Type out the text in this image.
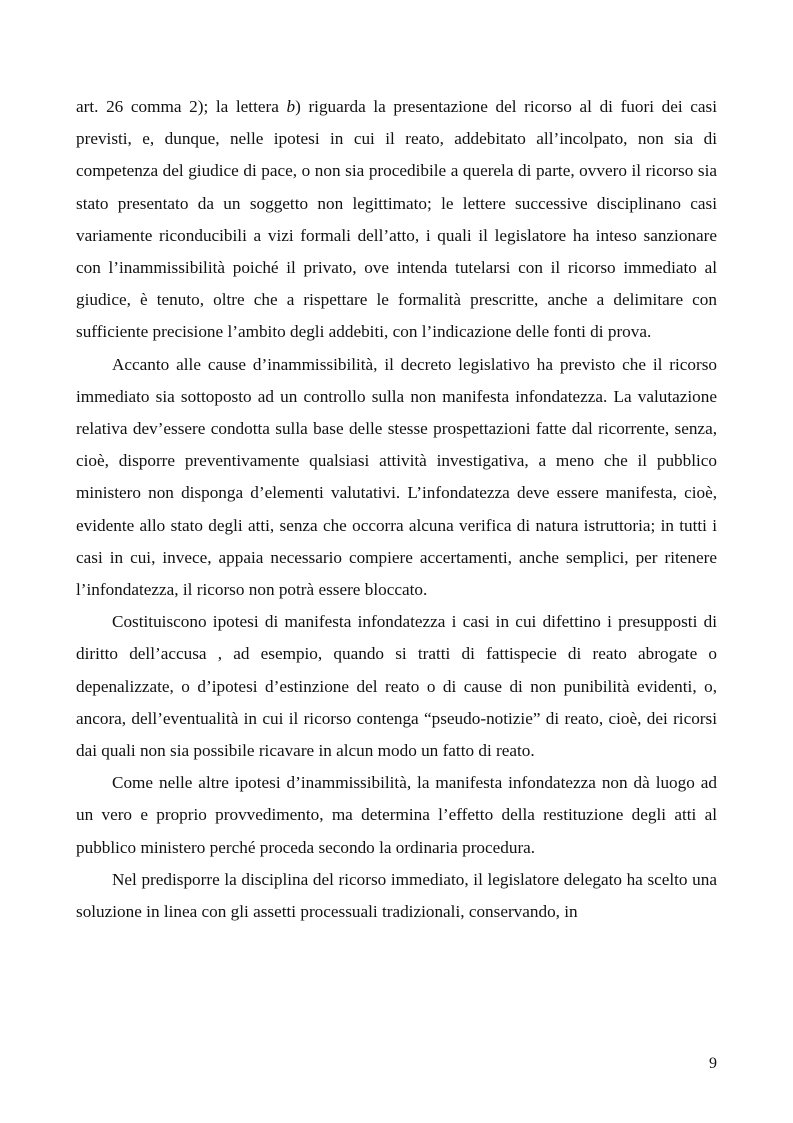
art. 26 comma 2); la lettera b) riguarda la presentazione del ricorso al di fuori dei casi previsti, e, dunque, nelle ipotesi in cui il reato, addebitato all’incolpato, non sia di competenza del giudice di pace, o non sia procedibile a querela di parte, ovvero il ricorso sia stato presentato da un soggetto non legittimato; le lettere successive disciplinano casi variamente riconducibili a vizi formali dell’atto, i quali il legislatore ha inteso sanzionare con l’inammissibilità poiché il privato, ove intenda tutelarsi con il ricorso immediato al giudice, è tenuto, oltre che a rispettare le formalità prescritte, anche a delimitare con sufficiente precisione l’ambito degli addebiti, con l’indicazione delle fonti di prova.

Accanto alle cause d’inammissibilità, il decreto legislativo ha previsto che il ricorso immediato sia sottoposto ad un controllo sulla non manifesta infondatezza. La valutazione relativa dev’essere condotta sulla base delle stesse prospettazioni fatte dal ricorrente, senza, cioè, disporre preventivamente qualsiasi attività investigativa, a meno che il pubblico ministero non disponga d’elementi valutativi. L’infondatezza deve essere manifesta, cioè, evidente allo stato degli atti, senza che occorra alcuna verifica di natura istruttoria; in tutti i casi in cui, invece, appaia necessario compiere accertamenti, anche semplici, per ritenere l’infondatezza, il ricorso non potrà essere bloccato.

Costituiscono ipotesi di manifesta infondatezza i casi in cui difettino i presupposti di diritto dell’accusa , ad esempio, quando si tratti di fattispecie di reato abrogate o depenalizzate, o d’ipotesi d’estinzione del reato o di cause di non punibilità evidenti, o, ancora, dell’eventualità in cui il ricorso contenga “pseudo-notizie” di reato, cioè, dei ricorsi dai quali non sia possibile ricavare in alcun modo un fatto di reato.

Come nelle altre ipotesi d’inammissibilità, la manifesta infondatezza non dà luogo ad un vero e proprio provvedimento, ma determina l’effetto della restituzione degli atti al pubblico ministero perché proceda secondo la ordinaria procedura.

Nel predisporre la disciplina del ricorso immediato, il legislatore delegato ha scelto una soluzione in linea con gli assetti processuali tradizionali, conservando, in

9
